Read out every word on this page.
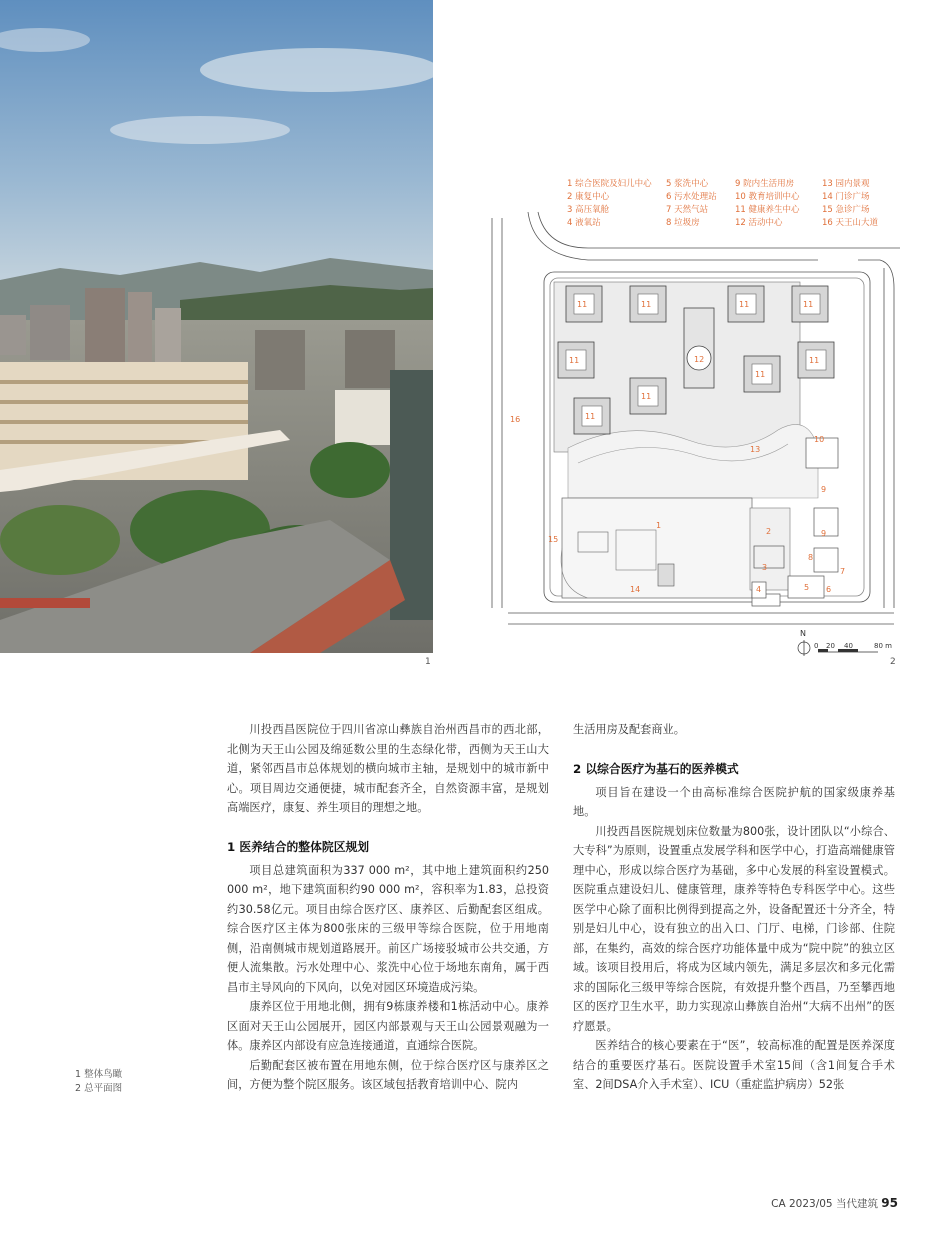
1
1 综合医院及妇儿中心
2 康复中心
3 高压氧舱
4 液氧站
5 浆洗中心
6 污水处理站
7 天然气站
8 垃圾房
9 院内生活用房
10 教育培训中心
11 健康养生中心
12 活动中心
13 园内景观
14 门诊广场
15 急诊广场
16 天王山大道
11	11	11	11
11	11
11
11
11
12
13
1
2
3
4	5 6
7
8
9
9
10
14
15
16
N
0 20 40	80 m
2
1 整体鸟瞰
2 总平面图

川投西昌医院位于四川省凉山彝族自治州西昌市的西北部，北侧为天王山公园及绵延数公里的生态绿化带，西侧为天王山大道，紧邻西昌市总体规划的横向城市主轴，是规划中的城市新中心。项目周边交通便捷，城市配套齐全，自然资源丰富，是规划高端医疗，康复、养生项目的理想之地。

1 医养结合的整体院区规划

项目总建筑面积为337 000 m²，其中地上建筑面积约250 000 m²，地下建筑面积约90 000 m²，容积率为1.83，总投资约30.58亿元。项目由综合医疗区、康养区、后勤配套区组成。综合医疗区主体为800张床的三级甲等综合医院，位于用地南侧，沿南侧城市规划道路展开。前区广场接驳城市公共交通，方便人流集散。污水处理中心、浆洗中心位于场地东南角，属于西昌市主导风向的下风向，以免对园区环境造成污染。

康养区位于用地北侧，拥有9栋康养楼和1栋活动中心。康养区面对天王山公园展开，园区内部景观与天王山公园景观融为一体。康养区内部设有应急连接通道，直通综合医院。

后勤配套区被布置在用地东侧，位于综合医疗区与康养区之间，方便为整个院区服务。该区域包括教育培训中心、院内

生活用房及配套商业。

2 以综合医疗为基石的医养模式

项目旨在建设一个由高标准综合医院护航的国家级康养基地。

川投西昌医院规划床位数量为800张，设计团队以“小综合、大专科”为原则，设置重点发展学科和医学中心，打造高端健康管理中心，形成以综合医疗为基础，多中心发展的科室设置模式。医院重点建设妇儿、健康管理，康养等特色专科医学中心。这些医学中心除了面积比例得到提高之外，设备配置还十分齐全，特别是妇儿中心，设有独立的出入口、门厅、电梯，门诊部、住院部，在集约，高效的综合医疗功能体量中成为“院中院”的独立区域。该项目投用后，将成为区域内领先，满足多层次和多元化需求的国际化三级甲等综合医院，有效提升整个西昌，乃至攀西地区的医疗卫生水平，助力实现凉山彝族自治州“大病不出州”的医疗愿景。

医养结合的核心要素在于“医”，较高标准的配置是医养深度结合的重要医疗基石。医院设置手术室15间（含1间复合手术室、2间DSA介入手术室）、ICU（重症监护病房）52张

CA 2023/05 当代建筑 95
